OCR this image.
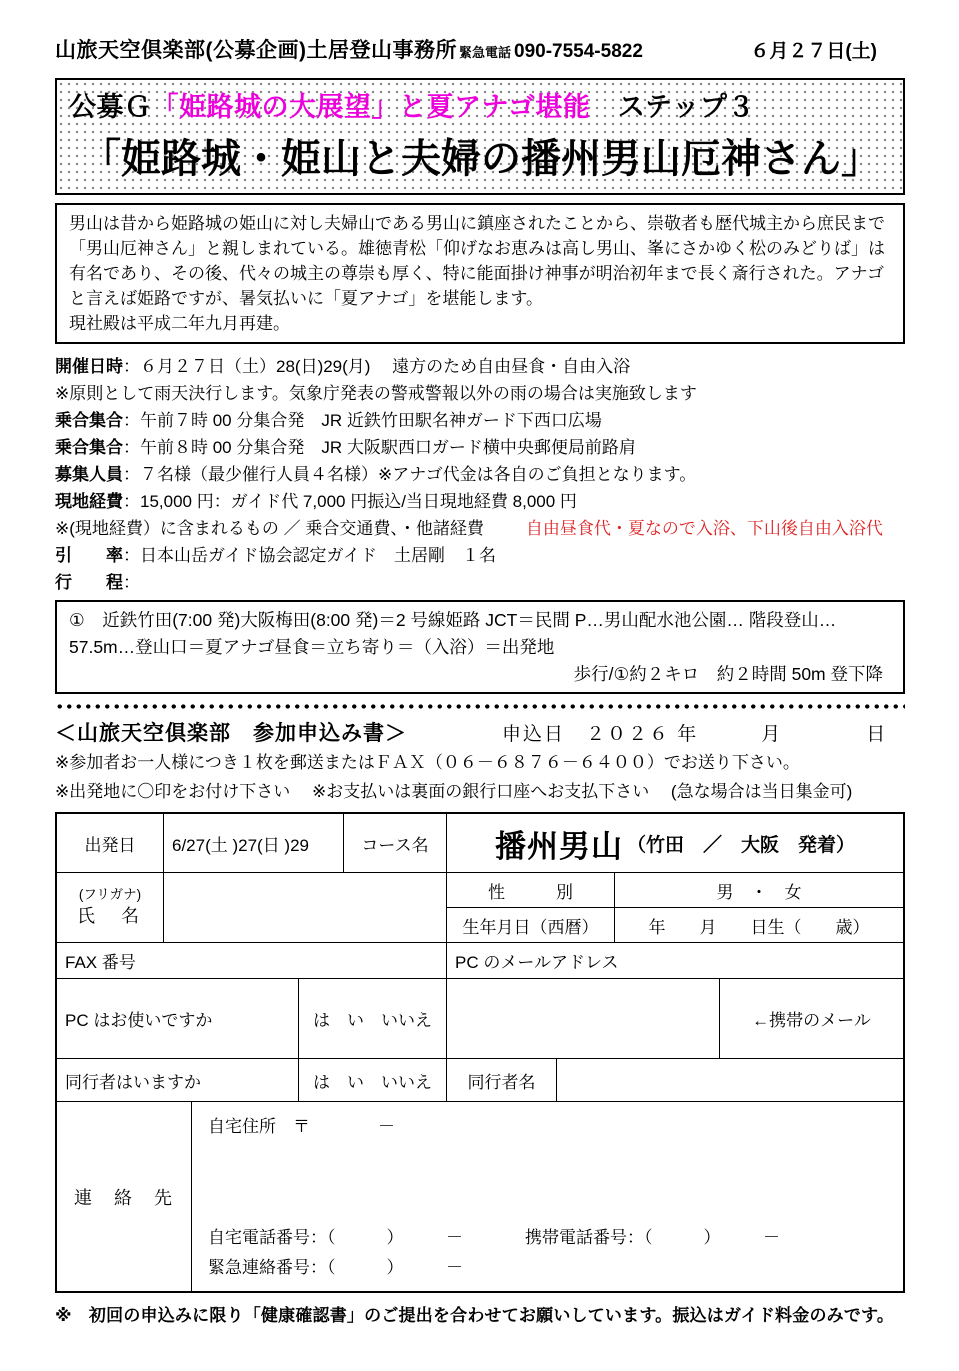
山旅天空倶楽部(公募企画)土居登山事務所 緊急電話 090-7554-5822	６月２７日(土)
公募Ｇ「姫路城の大展望」と夏アナゴ堪能　ステップ３
「姫路城・姫山と夫婦の播州男山厄神さん」
男山は昔から姫路城の姫山に対し夫婦山である男山に鎮座されたことから、崇敬者も歴代城主から庶民まで「男山厄神さん」と親しまれている。雄徳青松「仰げなお恵みは高し男山、峯にさかゆく松のみどりば」は有名であり、その後、代々の城主の尊崇も厚く、特に能面掛け神事が明治初年まで長く斎行された。アナゴと言えば姫路ですが、暑気払いに「夏アナゴ」を堪能します。
現社殿は平成二年九月再建。
開催日時：６月２７日（土）28(日)29(月)　 遠方のため自由昼食・自由入浴
※原則として雨天決行します。気象庁発表の警戒警報以外の雨の場合は実施致します
乗合集合：午前７時 00 分集合発　JR 近鉄竹田駅名神ガード下西口広場
乗合集合：午前８時 00 分集合発　JR 大阪駅西口ガード横中央郵便局前路肩
募集人員：７名様（最少催行人員４名様）※アナゴ代金は各自のご負担となります。
現地経費：15,000 円：ガイド代 7,000 円振込/当日現地経費 8,000 円
※(現地経費）に含まれるもの ／ 乗合交通費、・他諸経費 自由昼食代・夏なので入浴、下山後自由入浴代
引　　率：日本山岳ガイド協会認定ガイド　土居剛　１名
行　　程：
①　近鉄竹田(7:00 発)大阪梅田(8:00 発)＝2 号線姫路 JCT＝民間 P…男山配水池公園… 階段登山…57.5m…登山口＝夏アナゴ昼食＝立ち寄り＝（入浴）＝出発地
歩行/①約２キロ　約２時間 50m 登下降
＜山旅天空倶楽部　参加申込み書＞	申込日　２０２６ 年　　　月　　　　日
※参加者お一人様につき１枚を郵送またはＦＡＸ（０６－６８７６－６４００）でお送り下さい。
※出発地に〇印をお付け下さい　 ※お支払いは裏面の銀行口座へお支払下さい　 (急な場合は当日集金可)
出発日	6/27(土 )27(日 )29	コース名	播州男山 （竹田　／　大阪　発着）
(フリガナ)
氏　名
性　　　別	男　・　女
生年月日（西暦）	年　　月　　日生（　　歳）
FAX 番号	PC のメールアドレス
PC はお使いですか	は　い　いいえ	←携帯のメール
同行者はいますか	は　い　いいえ	同行者名
連　絡　先
自宅住所　〒　　　　－
自宅電話番号：（　　　）　　　－	携帯電話番号：（　　　）　　　－
緊急連絡番号：（　　　）　　　－
※　初回の申込みに限り「健康確認書」のご提出を合わせてお願いしています。振込はガイド料金のみです。
